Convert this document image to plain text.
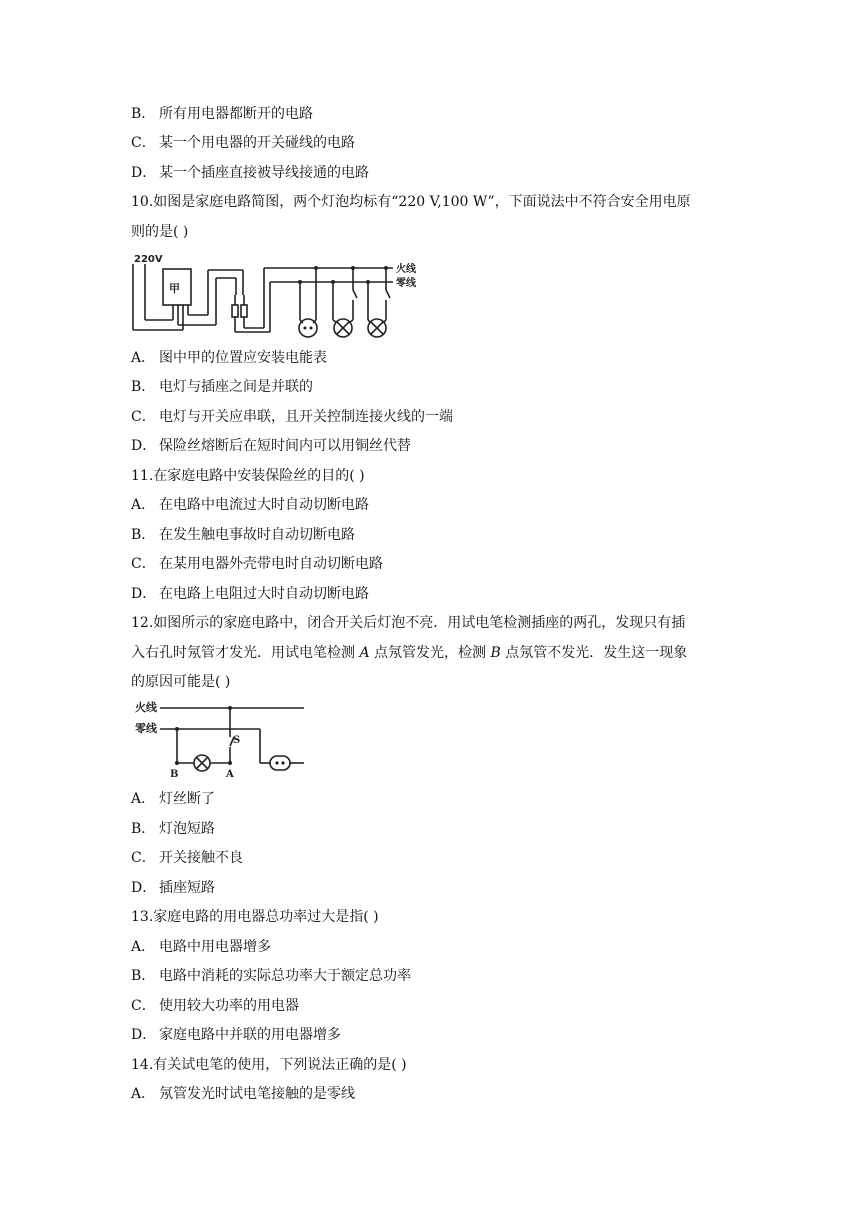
B． 所有用电器都断开的电路
C． 某一个用电器的开关碰线的电路
D． 某一个插座直接被导线接通的电路
10.如图是家庭电路简图，两个灯泡均标有“220 V,100 W”，下面说法中不符合安全用电原
则的是( )
220V
甲
火线
零线
A． 图中甲的位置应安装电能表
B． 电灯与插座之间是并联的
C． 电灯与开关应串联，且开关控制连接火线的一端
D． 保险丝熔断后在短时间内可以用铜丝代替
11.在家庭电路中安装保险丝的目的( )
A． 在电路中电流过大时自动切断电路
B． 在发生触电事故时自动切断电路
C． 在某用电器外壳带电时自动切断电路
D． 在电路上电阻过大时自动切断电路
12.如图所示的家庭电路中，闭合开关后灯泡不亮．用试电笔检测插座的两孔，发现只有插
入右孔时氖管才发光．用试电笔检测 A 点氖管发光，检测 B 点氖管不发光．发生这一现象
的原因可能是( )
火线
零线
S
B	A
A． 灯丝断了
B． 灯泡短路
C． 开关接触不良
D． 插座短路
13.家庭电路的用电器总功率过大是指( )
A． 电路中用电器增多
B． 电路中消耗的实际总功率大于额定总功率
C． 使用较大功率的用电器
D． 家庭电路中并联的用电器增多
14.有关试电笔的使用，下列说法正确的是( )
A． 氖管发光时试电笔接触的是零线
